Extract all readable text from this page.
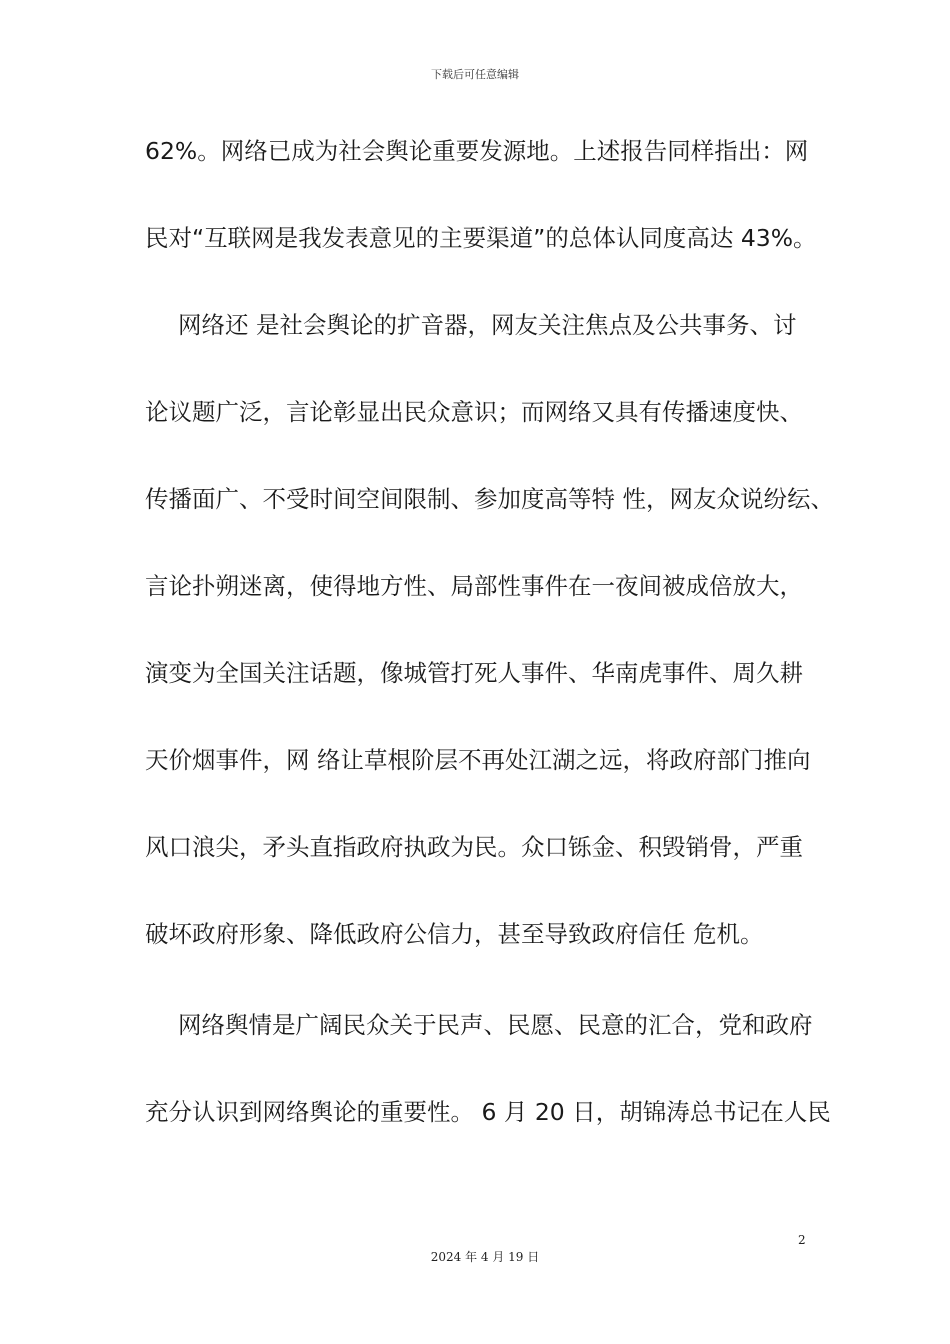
下载后可任意编辑
62%。网络已成为社会舆论重要发源地。上述报告同样指出：网
民对“互联网是我发表意见的主要渠道”的总体认同度高达 43%。
网络还 是社会舆论的扩音器，网友关注焦点及公共事务、讨
论议题广泛，言论彰显出民众意识；而网络又具有传播速度快、
传播面广、不受时间空间限制、参加度高等特 性，网友众说纷纭、
言论扑朔迷离，使得地方性、局部性事件在一夜间被成倍放大，
演变为全国关注话题，像城管打死人事件、华南虎事件、周久耕
天价烟事件，网 络让草根阶层不再处江湖之远，将政府部门推向
风口浪尖，矛头直指政府执政为民。众口铄金、积毁销骨，严重
破坏政府形象、降低政府公信力，甚至导致政府信任 危机。
网络舆情是广阔民众关于民声、民愿、民意的汇合，党和政府
充分认识到网络舆论的重要性。 6 月 20 日，胡锦涛总书记在人民
2
2024 年 4 月 19 日
